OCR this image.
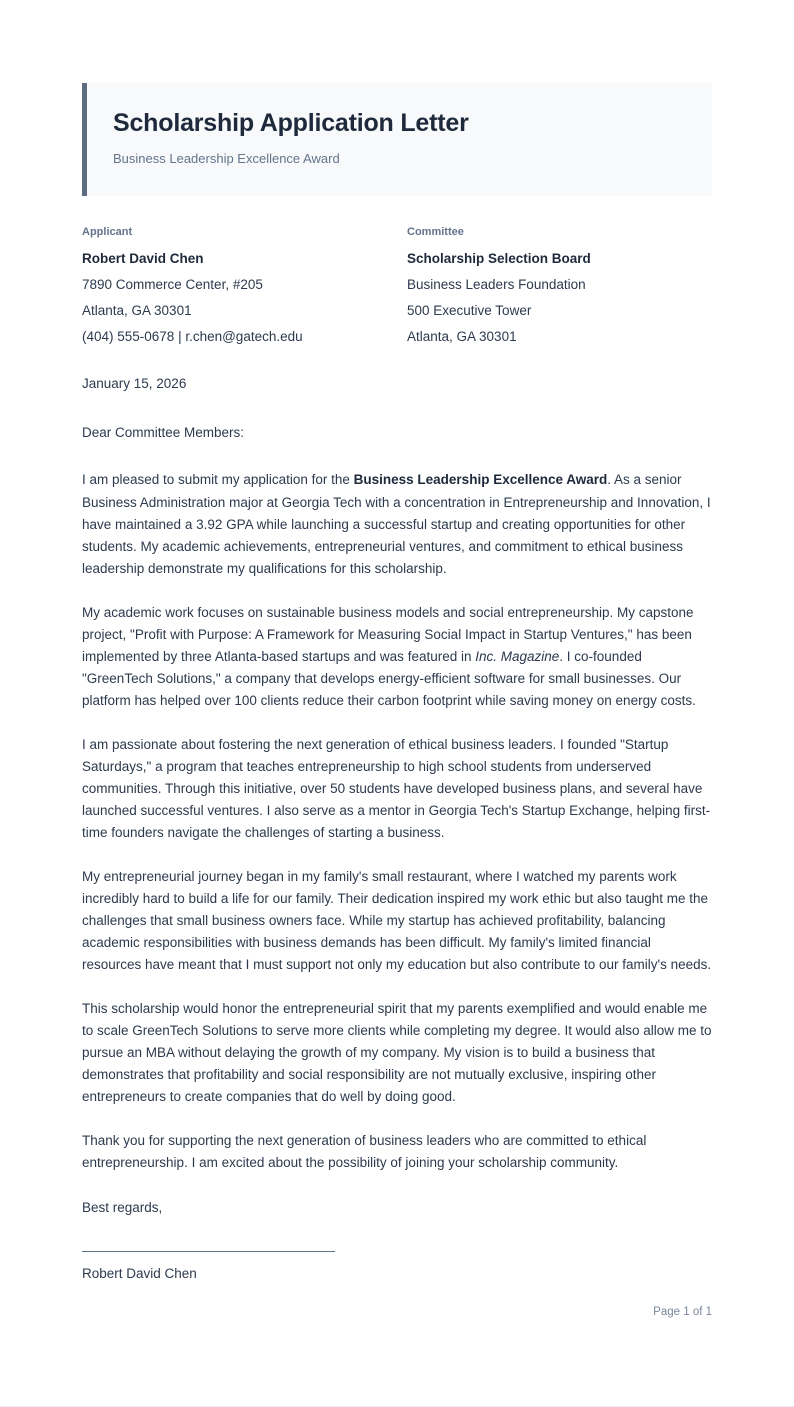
Scholarship Application Letter
Business Leadership Excellence Award
Applicant
Robert David Chen
7890 Commerce Center, #205
Atlanta, GA 30301
(404) 555-0678 | r.chen@gatech.edu
Committee
Scholarship Selection Board
Business Leaders Foundation
500 Executive Tower
Atlanta, GA 30301
January 15, 2026
Dear Committee Members:

I am pleased to submit my application for the Business Leadership Excellence Award. As a senior Business Administration major at Georgia Tech with a concentration in Entrepreneurship and Innovation, I have maintained a 3.92 GPA while launching a successful startup and creating opportunities for other students. My academic achievements, entrepreneurial ventures, and commitment to ethical business leadership demonstrate my qualifications for this scholarship.

My academic work focuses on sustainable business models and social entrepreneurship. My capstone project, "Profit with Purpose: A Framework for Measuring Social Impact in Startup Ventures," has been implemented by three Atlanta-based startups and was featured in Inc. Magazine. I co-founded "GreenTech Solutions," a company that develops energy-efficient software for small businesses. Our platform has helped over 100 clients reduce their carbon footprint while saving money on energy costs.

I am passionate about fostering the next generation of ethical business leaders. I founded "Startup Saturdays," a program that teaches entrepreneurship to high school students from underserved communities. Through this initiative, over 50 students have developed business plans, and several have launched successful ventures. I also serve as a mentor in Georgia Tech's Startup Exchange, helping first-time founders navigate the challenges of starting a business.

My entrepreneurial journey began in my family's small restaurant, where I watched my parents work incredibly hard to build a life for our family. Their dedication inspired my work ethic but also taught me the challenges that small business owners face. While my startup has achieved profitability, balancing academic responsibilities with business demands has been difficult. My family's limited financial resources have meant that I must support not only my education but also contribute to our family's needs.

This scholarship would honor the entrepreneurial spirit that my parents exemplified and would enable me to scale GreenTech Solutions to serve more clients while completing my degree. It would also allow me to pursue an MBA without delaying the growth of my company. My vision is to build a business that demonstrates that profitability and social responsibility are not mutually exclusive, inspiring other entrepreneurs to create companies that do well by doing good.

Thank you for supporting the next generation of business leaders who are committed to ethical entrepreneurship. I am excited about the possibility of joining your scholarship community.

Best regards,
Robert David Chen
Page 1 of 1
